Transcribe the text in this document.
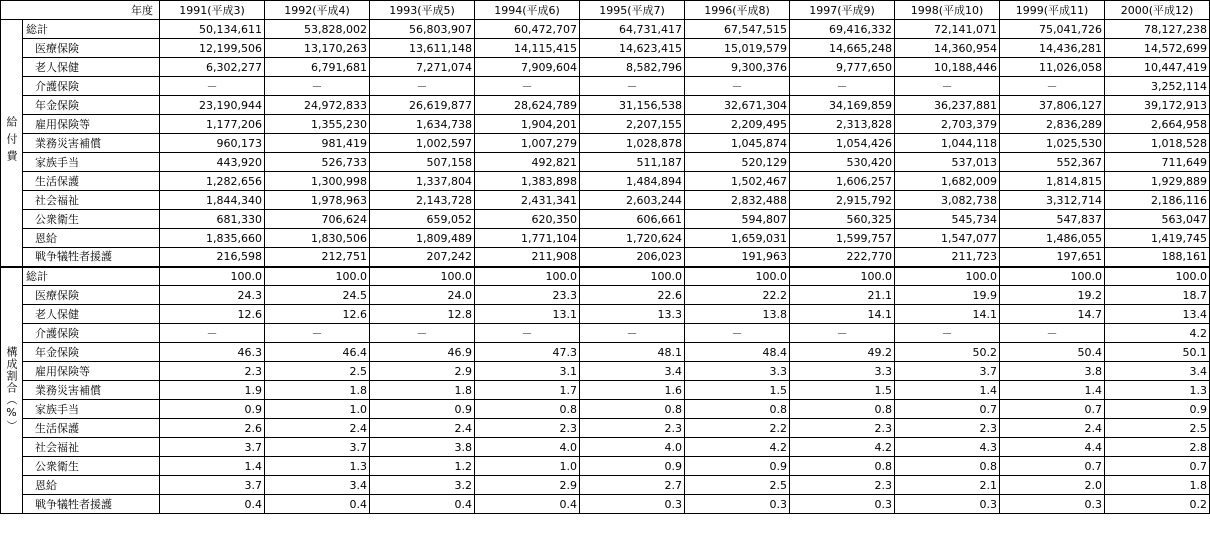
年度		1991(平成3)	1992(平成4)	1993(平成5)	1994(平成6)	1995(平成7)	1996(平成8)	1997(平成9)	1998(平成10)	1999(平成11)	2000(平成12)
給付費	総計	50,134,611	53,828,002	56,803,907	60,472,707	64,731,417	67,547,515	69,416,332	72,141,071	75,041,726	78,127,238
	医療保険	12,199,506	13,170,263	13,611,148	14,115,415	14,623,415	15,019,579	14,665,248	14,360,954	14,436,281	14,572,699
	老人保健	6,302,277	6,791,681	7,271,074	7,909,604	8,582,796	9,300,376	9,777,650	10,188,446	11,026,058	10,447,419
	介護保険	－	－	－	－	－	－	－	－	－	3,252,114
	年金保険	23,190,944	24,972,833	26,619,877	28,624,789	31,156,538	32,671,304	34,169,859	36,237,881	37,806,127	39,172,913
	雇用保険等	1,177,206	1,355,230	1,634,738	1,904,201	2,207,155	2,209,495	2,313,828	2,703,379	2,836,289	2,664,958
	業務災害補償	960,173	981,419	1,002,597	1,007,279	1,028,878	1,045,874	1,054,426	1,044,118	1,025,530	1,018,528
	家族手当	443,920	526,733	507,158	492,821	511,187	520,129	530,420	537,013	552,367	711,649
	生活保護	1,282,656	1,300,998	1,337,804	1,383,898	1,484,894	1,502,467	1,606,257	1,682,009	1,814,815	1,929,889
	社会福祉	1,844,340	1,978,963	2,143,728	2,431,341	2,603,244	2,832,488	2,915,792	3,082,738	3,312,714	2,186,116
	公衆衛生	681,330	706,624	659,052	620,350	606,661	594,807	560,325	545,734	547,837	563,047
	恩給	1,835,660	1,830,506	1,809,489	1,771,104	1,720,624	1,659,031	1,599,757	1,547,077	1,486,055	1,419,745
	戦争犠牲者援護	216,598	212,751	207,242	211,908	206,023	191,963	222,770	211,723	197,651	188,161
構成割合（%）	総計	100.0	100.0	100.0	100.0	100.0	100.0	100.0	100.0	100.0	100.0
	医療保険	24.3	24.5	24.0	23.3	22.6	22.2	21.1	19.9	19.2	18.7
	老人保健	12.6	12.6	12.8	13.1	13.3	13.8	14.1	14.1	14.7	13.4
	介護保険	－	－	－	－	－	－	－	－	－	4.2
	年金保険	46.3	46.4	46.9	47.3	48.1	48.4	49.2	50.2	50.4	50.1
	雇用保険等	2.3	2.5	2.9	3.1	3.4	3.3	3.3	3.7	3.8	3.4
	業務災害補償	1.9	1.8	1.8	1.7	1.6	1.5	1.5	1.4	1.4	1.3
	家族手当	0.9	1.0	0.9	0.8	0.8	0.8	0.8	0.7	0.7	0.9
	生活保護	2.6	2.4	2.4	2.3	2.3	2.2	2.3	2.3	2.4	2.5
	社会福祉	3.7	3.7	3.8	4.0	4.0	4.2	4.2	4.3	4.4	2.8
	公衆衛生	1.4	1.3	1.2	1.0	0.9	0.9	0.8	0.8	0.7	0.7
	恩給	3.7	3.4	3.2	2.9	2.7	2.5	2.3	2.1	2.0	1.8
	戦争犠牲者援護	0.4	0.4	0.4	0.4	0.3	0.3	0.3	0.3	0.3	0.2
